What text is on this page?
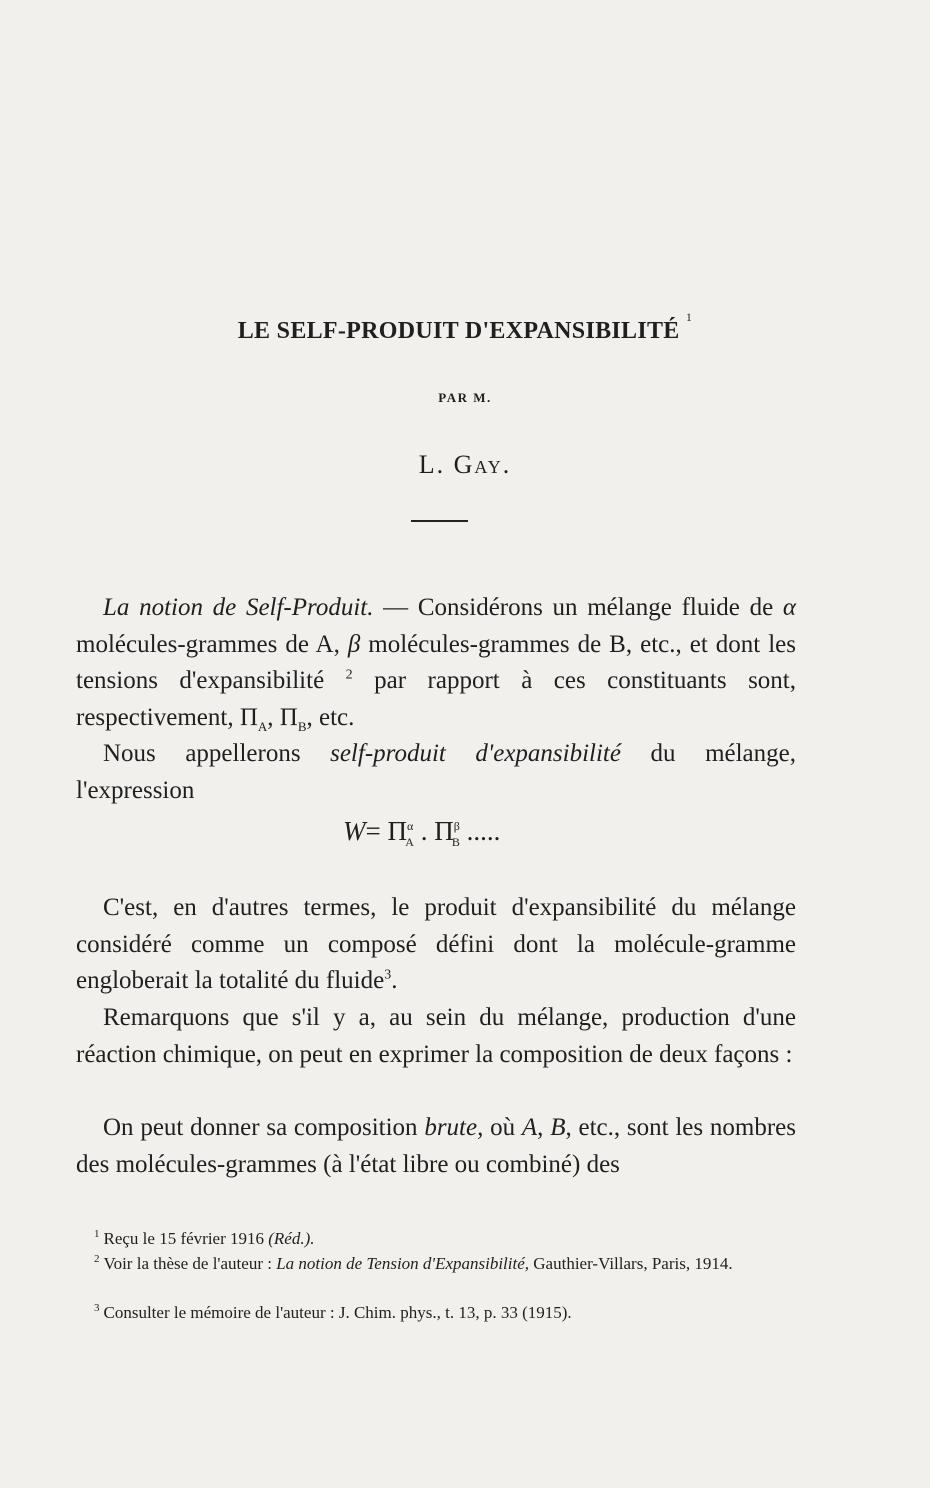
LE SELF-PRODUIT D'EXPANSIBILITÉ $^1$
PAR M.
L. Gay.

La notion de Self-Produit. — Considérons un mélange fluide de α molécules-grammes de A, β molécules-grammes de B, etc., et dont les tensions d'expansibilité $^2$ par rapport à ces constituants sont, respectivement, $\Pi_A$, $\Pi_B$, etc.

Nous appellerons self-produit d'expansibilité du mélange, l'expression

$W= \Pi^\alpha_A$ . $\Pi^\beta_B$ .....

C'est, en d'autres termes, le produit d'expansibilité du mélange considéré comme un composé défini dont la molécule-gramme engloberait la totalité du fluide$^3$.

Remarquons que s'il y a, au sein du mélange, production d'une réaction chimique, on peut en exprimer la composition de deux façons :

On peut donner sa composition brute, où A, B, etc., sont les nombres des molécules-grammes (à l'état libre ou combiné) des

$^1$ Reçu le 15 février 1916 (Réd.).

$^2$ Voir la thèse de l'auteur : La notion de Tension d'Expansibilité, Gauthier-Villars, Paris, 1914.

$^3$ Consulter le mémoire de l'auteur : J. Chim. phys., t. 13, p. 33 (1915).
